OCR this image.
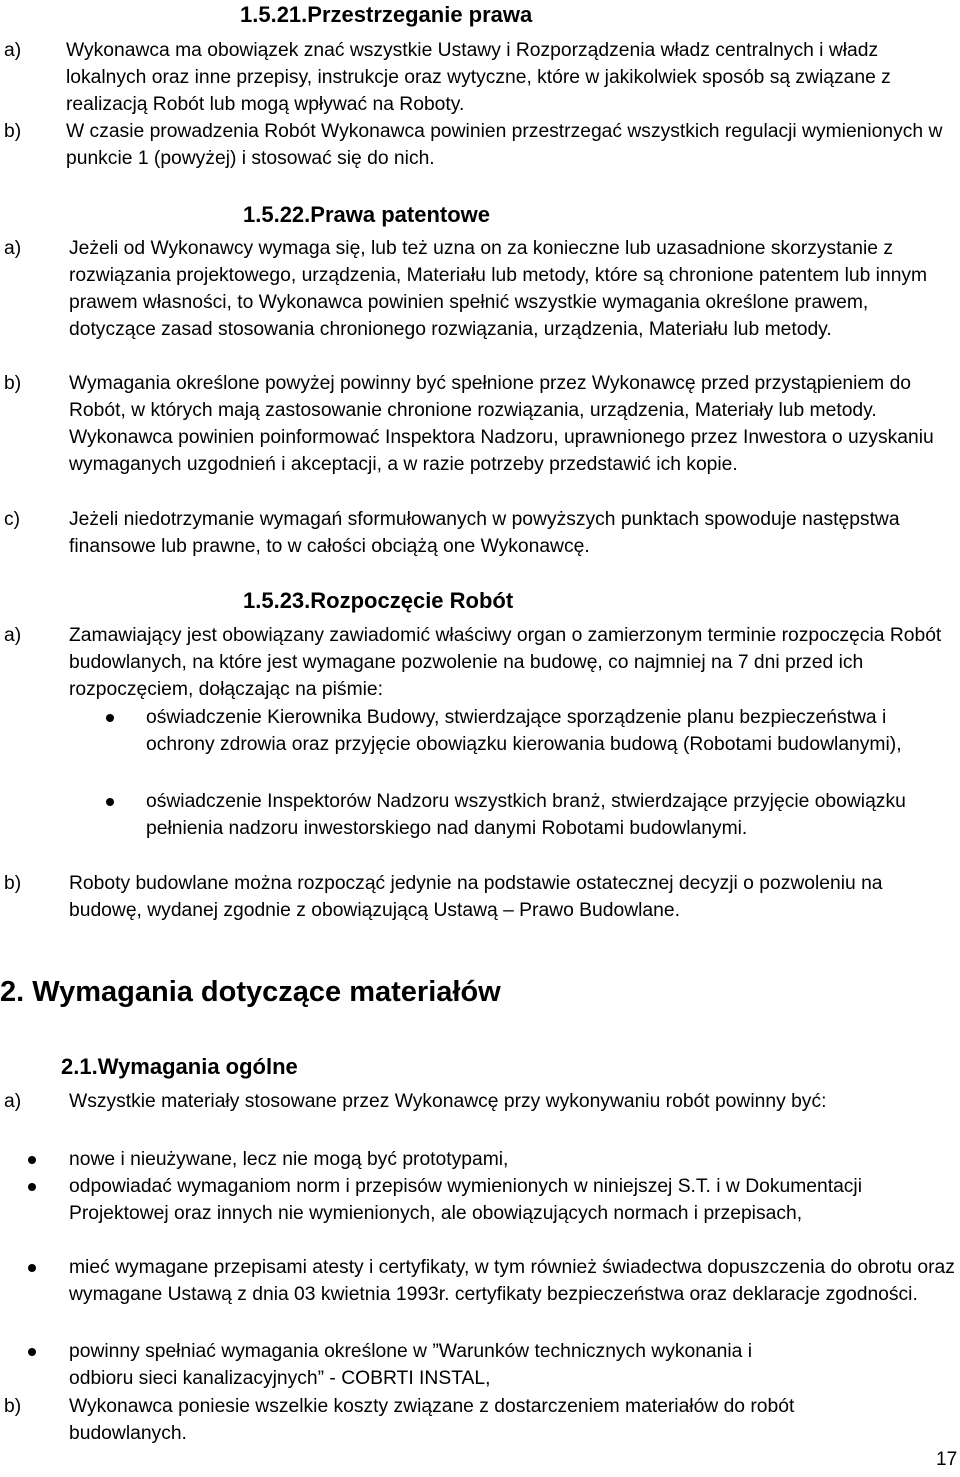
1.5.21.Przestrzeganie prawa
a)	Wykonawca ma obowiązek znać wszystkie Ustawy i Rozporządzenia władz centralnych i władz lokalnych oraz inne przepisy, instrukcje oraz wytyczne, które w jakikolwiek sposób są związane z realizacją Robót lub mogą wpływać na Roboty.
b)	W czasie prowadzenia Robót Wykonawca powinien przestrzegać wszystkich regulacji wymienionych w punkcie 1 (powyżej) i stosować się do nich.
1.5.22.Prawa patentowe
a)	Jeżeli od Wykonawcy wymaga się, lub też uzna on za konieczne lub uzasadnione skorzystanie z rozwiązania projektowego, urządzenia, Materiału lub metody, które są chronione patentem lub innym prawem własności, to Wykonawca powinien spełnić wszystkie wymagania określone prawem, dotyczące zasad stosowania chronionego rozwiązania, urządzenia, Materiału lub metody.
b)	Wymagania określone powyżej powinny być spełnione przez Wykonawcę przed przystąpieniem do Robót, w których mają zastosowanie chronione rozwiązania, urządzenia, Materiały lub metody. Wykonawca powinien poinformować Inspektora Nadzoru, uprawnionego przez Inwestora o uzyskaniu wymaganych uzgodnień i akceptacji, a w razie potrzeby przedstawić ich kopie.
c)	Jeżeli niedotrzymanie wymagań sformułowanych w powyższych punktach spowoduje następstwa finansowe lub prawne, to w całości obciążą one Wykonawcę.
1.5.23.Rozpoczęcie Robót
a)	Zamawiający jest obowiązany zawiadomić właściwy organ o zamierzonym terminie rozpoczęcia Robót budowlanych, na które jest wymagane pozwolenie na budowę, co najmniej na 7 dni przed ich rozpoczęciem, dołączając na piśmie:
oświadczenie Kierownika Budowy, stwierdzające sporządzenie planu bezpieczeństwa i ochrony zdrowia oraz przyjęcie obowiązku kierowania budową (Robotami budowlanymi),
oświadczenie Inspektorów Nadzoru wszystkich branż, stwierdzające przyjęcie obowiązku pełnienia nadzoru inwestorskiego nad danymi Robotami budowlanymi.
b)	Roboty budowlane można rozpocząć jedynie na podstawie ostatecznej decyzji o pozwoleniu na budowę, wydanej zgodnie z obowiązującą Ustawą – Prawo Budowlane.
2. Wymagania dotyczące materiałów
2.1.Wymagania ogólne
a)	Wszystkie materiały stosowane przez Wykonawcę przy wykonywaniu robót powinny być:
nowe i nieużywane, lecz nie mogą być prototypami,
odpowiadać wymaganiom norm i przepisów wymienionych w niniejszej S.T. i w Dokumentacji Projektowej oraz innych nie wymienionych, ale obowiązujących normach i przepisach,
mieć wymagane przepisami atesty i certyfikaty, w tym również świadectwa dopuszczenia do obrotu oraz wymagane Ustawą z dnia 03 kwietnia 1993r. certyfikaty bezpieczeństwa oraz deklaracje zgodności.
powinny spełniać wymagania określone w ”Warunków technicznych wykonania i odbioru sieci kanalizacyjnych” - COBRTI INSTAL,
b)	Wykonawca poniesie wszelkie koszty związane z dostarczeniem materiałów do robót budowlanych.
17
